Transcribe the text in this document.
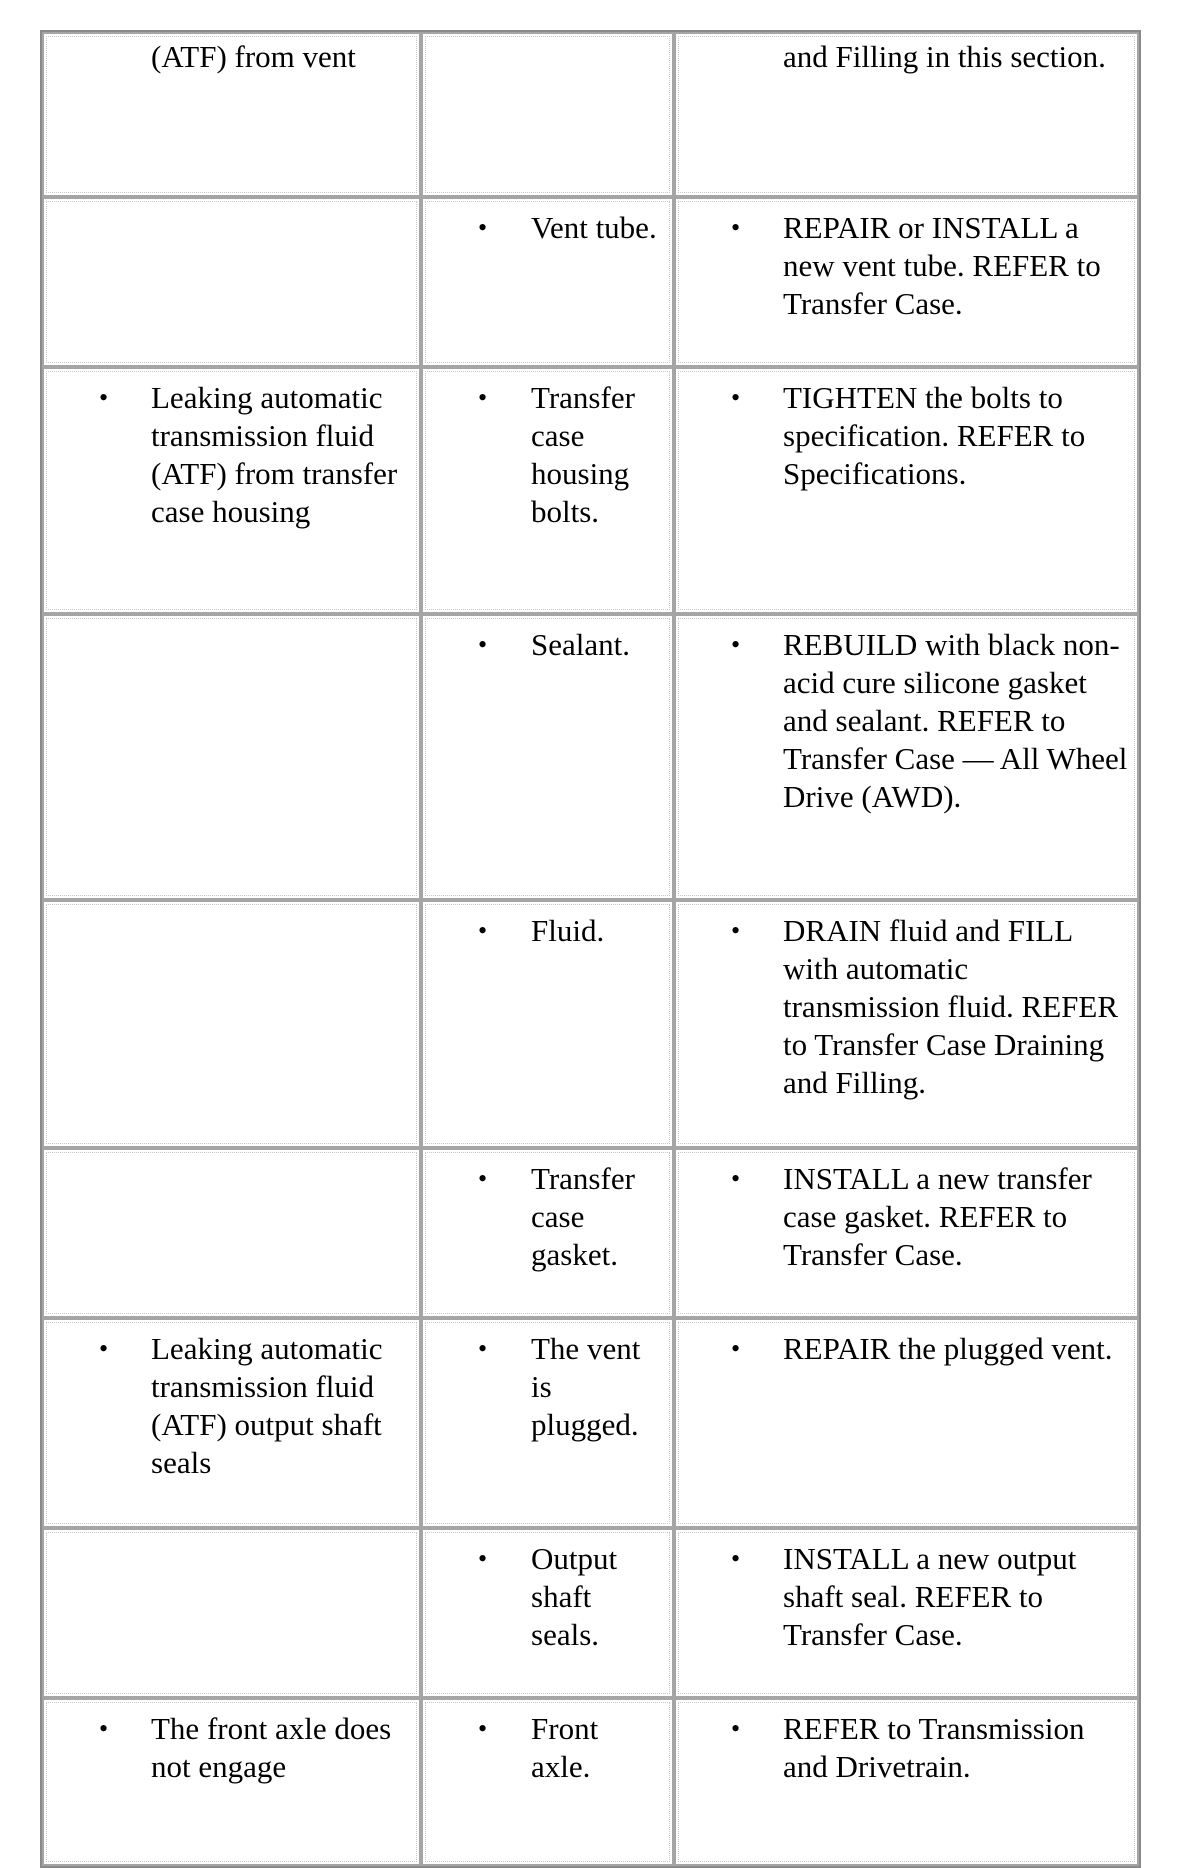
(ATF) from vent		and Filling in this section.

	• Vent tube.	• REPAIR or INSTALL a new vent tube. REFER to Transfer Case.

• Leaking automatic transmission fluid (ATF) from transfer case housing	• Transfer case housing bolts.	• TIGHTEN the bolts to specification. REFER to Specifications.

	• Sealant.	• REBUILD with black non-acid cure silicone gasket and sealant. REFER to Transfer Case — All Wheel Drive (AWD).

	• Fluid.	• DRAIN fluid and FILL with automatic transmission fluid. REFER to Transfer Case Draining and Filling.

	• Transfer case gasket.	• INSTALL a new transfer case gasket. REFER to Transfer Case.

• Leaking automatic transmission fluid (ATF) output shaft seals	• The vent is plugged.	• REPAIR the plugged vent.

	• Output shaft seals.	• INSTALL a new output shaft seal. REFER to Transfer Case.

• The front axle does not engage	• Front axle.	• REFER to Transmission and Drivetrain.
